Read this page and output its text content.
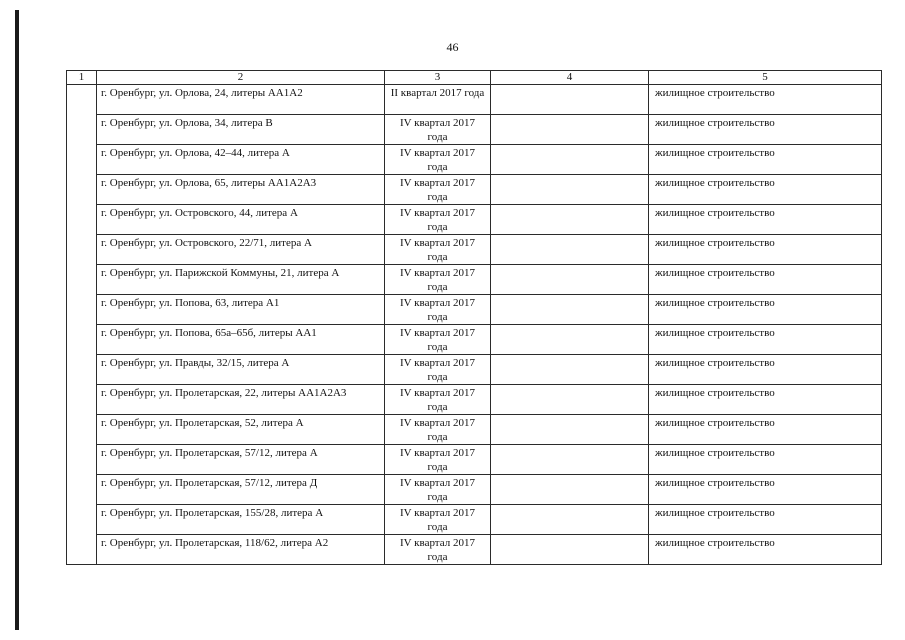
46
1	2	3	4	5
	г. Оренбург, ул. Орлова, 24, литеры АА1А2	II квартал 2017 года		жилищное строительство
	г. Оренбург, ул. Орлова, 34, литера В	IV квартал 2017 года		жилищное строительство
	г. Оренбург, ул. Орлова, 42–44, литера А	IV квартал 2017 года		жилищное строительство
	г. Оренбург, ул. Орлова, 65, литеры АА1А2А3	IV квартал 2017 года		жилищное строительство
	г. Оренбург, ул. Островского, 44, литера А	IV квартал 2017 года		жилищное строительство
	г. Оренбург, ул. Островского, 22/71, литера А	IV квартал 2017 года		жилищное строительство
	г. Оренбург, ул. Парижской Коммуны, 21, литера А	IV квартал 2017 года		жилищное строительство
	г. Оренбург, ул. Попова, 63, литера А1	IV квартал 2017 года		жилищное строительство
	г. Оренбург, ул. Попова, 65а–65б, литеры АА1	IV квартал 2017 года		жилищное строительство
	г. Оренбург, ул. Правды, 32/15, литера А	IV квартал 2017 года		жилищное строительство
	г. Оренбург, ул. Пролетарская, 22, литеры АА1А2А3	IV квартал 2017 года		жилищное строительство
	г. Оренбург, ул. Пролетарская, 52, литера А	IV квартал 2017 года		жилищное строительство
	г. Оренбург, ул. Пролетарская, 57/12, литера А	IV квартал 2017 года		жилищное строительство
	г. Оренбург, ул. Пролетарская, 57/12, литера Д	IV квартал 2017 года		жилищное строительство
	г. Оренбург, ул. Пролетарская, 155/28, литера А	IV квартал 2017 года		жилищное строительство
	г. Оренбург, ул. Пролетарская, 118/62, литера А2	IV квартал 2017 года		жилищное строительство
